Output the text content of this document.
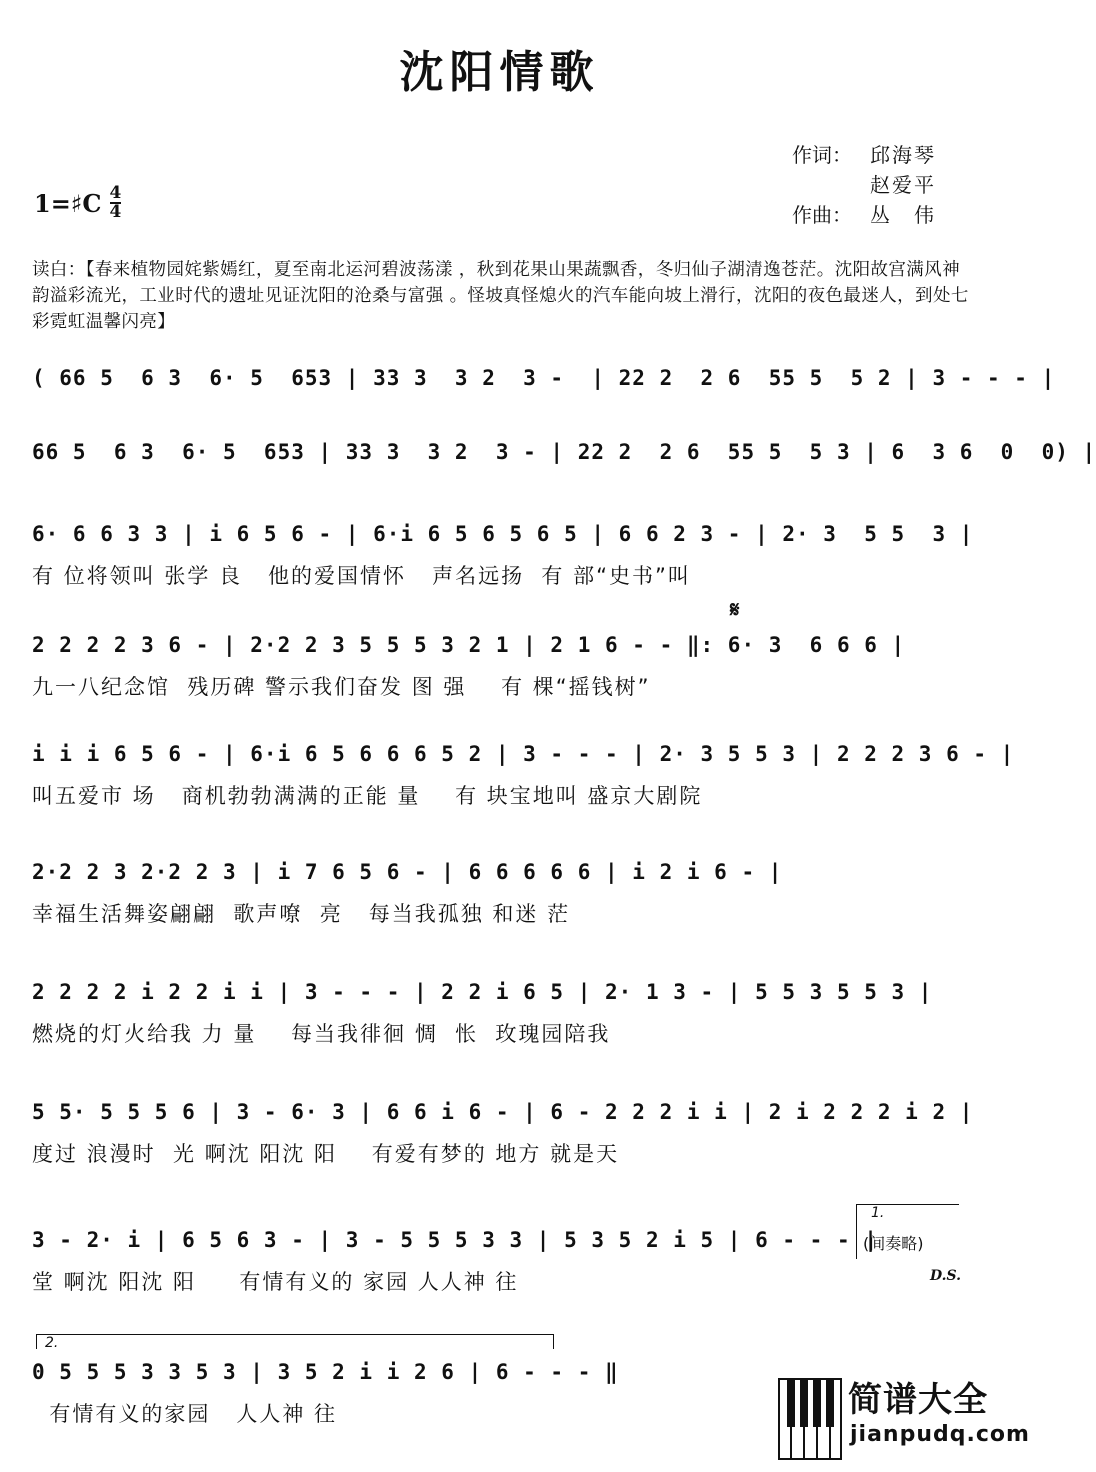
沈阳情歌
1=♯C $\frac{4}{4}$
作词： 邱海琴
赵爱平
作曲： 丛　伟
读白：【春来植物园姹紫嫣红，夏至南北运河碧波荡漾 ，秋到花果山果蔬飘香，冬归仙子湖清逸苍茫。沈阳故宫满风神韵溢彩流光，工业时代的遗址见证沈阳的沧桑与富强 。怪坡真怪熄火的汽车能向坡上滑行，沈阳的夜色最迷人，到处七彩霓虹温馨闪亮】
( 66 5  6 3  6· 5  653 | 33 3  3 2  3 -  | 22 2  2 6  55 5  5 2 | 3 - - - |
66 5  6 3  6· 5  653 | 33 3  3 2  3 - | 22 2  2 6  55 5  5 3 | 6  3 6  0  0) |
6· 6 6 3 3 | i 6 5 6 - | 6·i 6 5 6 5 6 5 | 6 6 2 3 - | 2· 3  5 5  3 |
有 位将领叫 张学 良   他的爱国情怀   声名远扬  有 部“史书”叫
𝄋
2 2 2 2 3 6 - | 2·2 2 3 5 5 5 3 2 1 | 2 1 6 - - ‖: 6· 3  6 6 6 |
九一八纪念馆  残历碑 警示我们奋发 图 强    有 棵“摇钱树”
i i i 6 5 6 - | 6·i 6 5 6 6 6 5 2 | 3 - - - | 2· 3 5 5 3 | 2 2 2 3 6 - |
叫五爱市 场   商机勃勃满满的正能 量    有 块宝地叫 盛京大剧院
2·2 2 3 2·2 2 3 | i 7 6 5 6 - | 6 6 6 6 6 | i 2 i 6 - |
幸福生活舞姿翩翩  歌声嘹  亮   每当我孤独 和迷 茫
2 2 2 2 i 2 2 i i | 3 - - - | 2 2 i 6 5 | 2· 1 3 - | 5 5 3 5 5 3 |
燃烧的灯火给我 力 量    每当我徘徊 惆  怅  玫瑰园陪我
5 5· 5 5 5 6 | 3 - 6· 3 | 6 6 i 6 - | 6 - 2 2 2 i i | 2 i 2 2 2 i 2 |
度过 浪漫时  光 啊沈 阳沈 阳    有爱有梦的 地方 就是天
3 - 2· i | 6 5 6 3 - | 3 - 5 5 5 3 3 | 5 3 5 2 i 5 | 6 - - - |
堂 啊沈 阳沈 阳     有情有义的 家园 人人神 往
1.
(间奏略)
D.S.
2.
0 5 5 5 3 3 5 3 | 3 5 2 i i 2 6 | 6 - - - ‖
有情有义的家园   人人神 往	简谱大全
jianpudq.com
